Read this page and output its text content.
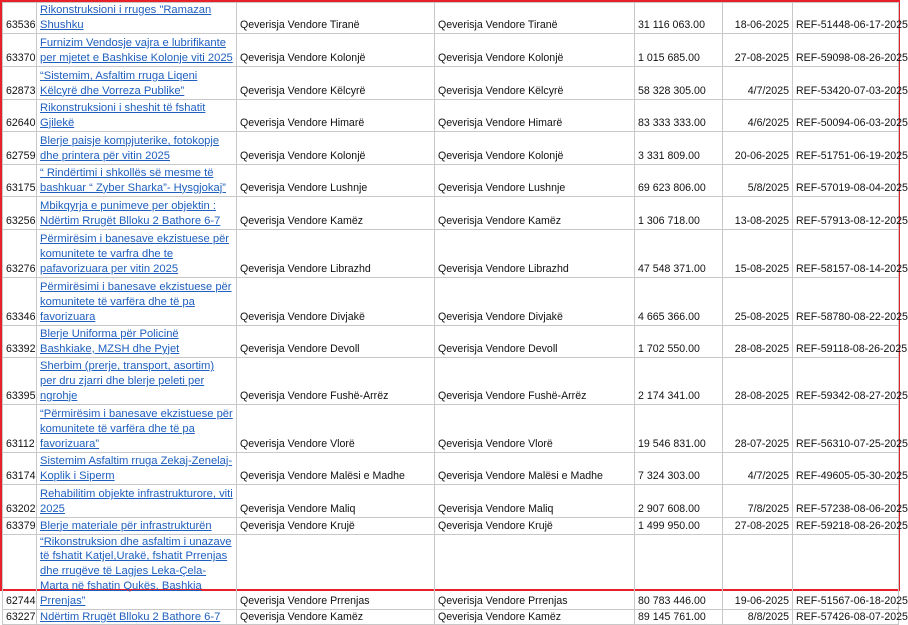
63536	Rikonstruksioni i rruges "Ramazan Shushku	Qeverisja Vendore Tiranë	Qeverisja Vendore Tiranë	31 116 063.00	18-06-2025	REF-51448-06-17-2025
63370	Furnizim Vendosje vajra e lubrifikante per mjetet e Bashkise Kolonje viti 2025	Qeverisja Vendore Kolonjë	Qeverisja Vendore Kolonjë	1 015 685.00	27-08-2025	REF-59098-08-26-2025
62873	“Sistemim, Asfaltim rruga Liqeni Këlcyrë dhe Vorreza Publike”	Qeverisja Vendore Këlcyrë	Qeverisja Vendore Këlcyrë	58 328 305.00	4/7/2025	REF-53420-07-03-2025
62640	Rikonstruksioni i sheshit të fshatit Gjilekë	Qeverisja Vendore Himarë	Qeverisja Vendore Himarë	83 333 333.00	4/6/2025	REF-50094-06-03-2025
62759	Blerje paisje kompjuterike, fotokopje dhe printera për vitin 2025	Qeverisja Vendore Kolonjë	Qeverisja Vendore Kolonjë	3 331 809.00	20-06-2025	REF-51751-06-19-2025
63175	“ Rindërtimi i shkollës së mesme të bashkuar “ Zyber Sharka”- Hysgjokaj”	Qeverisja Vendore Lushnje	Qeverisja Vendore Lushnje	69 623 806.00	5/8/2025	REF-57019-08-04-2025
63256	Mbikqyrja e punimeve per objektin : Ndërtim Rrugët Blloku 2 Bathore 6-7	Qeverisja Vendore Kamëz	Qeverisja Vendore Kamëz	1 306 718.00	13-08-2025	REF-57913-08-12-2025
63276	Përmirësim i banesave ekzistuese për komunitete te varfra dhe te pafavorizuara per vitin 2025	Qeverisja Vendore Librazhd	Qeverisja Vendore Librazhd	47 548 371.00	15-08-2025	REF-58157-08-14-2025
63346	Përmirësimi i banesave ekzistuese për komunitete të varfëra dhe të pa favorizuara	Qeverisja Vendore Divjakë	Qeverisja Vendore Divjakë	4 665 366.00	25-08-2025	REF-58780-08-22-2025
63392	Blerje Uniforma për Policinë Bashkiake, MZSH dhe Pyjet	Qeverisja Vendore Devoll	Qeverisja Vendore Devoll	1 702 550.00	28-08-2025	REF-59118-08-26-2025
63395	Sherbim (prerje, transport, asortim) per dru zjarri dhe blerje peleti per ngrohje	Qeverisja Vendore Fushë-Arrëz	Qeverisja Vendore Fushë-Arrëz	2 174 341.00	28-08-2025	REF-59342-08-27-2025
63112	“Përmirësim i banesave ekzistuese për komunitete të varfëra dhe të pa favorizuara”	Qeverisja Vendore Vlorë	Qeverisja Vendore Vlorë	19 546 831.00	28-07-2025	REF-56310-07-25-2025
63174	Sistemim Asfaltim rruga Zekaj-Zenelaj-Koplik i Siperm	Qeverisja Vendore Malësi e Madhe	Qeverisja Vendore Malësi e Madhe	7 324 303.00	4/7/2025	REF-49605-05-30-2025
63202	Rehabilitim objekte infrastrukturore, viti 2025	Qeverisja Vendore Maliq	Qeverisja Vendore Maliq	2 907 608.00	7/8/2025	REF-57238-08-06-2025
63379	Blerje materiale për infrastrukturën	Qeverisja Vendore Krujë	Qeverisja Vendore Krujë	1 499 950.00	27-08-2025	REF-59218-08-26-2025
62744	“Rikonstruksion dhe asfaltim i unazave të fshatit Katjel,Urakë, fshatit Prrenjas dhe rrugëve të Lagjes Leka-Çela-Marta në fshatin Qukës, Bashkia Prrenjas”	Qeverisja Vendore Prrenjas	Qeverisja Vendore Prrenjas	80 783 446.00	19-06-2025	REF-51567-06-18-2025
63227	Ndërtim Rrugët Blloku 2 Bathore 6-7	Qeverisja Vendore Kamëz	Qeverisja Vendore Kamëz	89 145 761.00	8/8/2025	REF-57426-08-07-2025
